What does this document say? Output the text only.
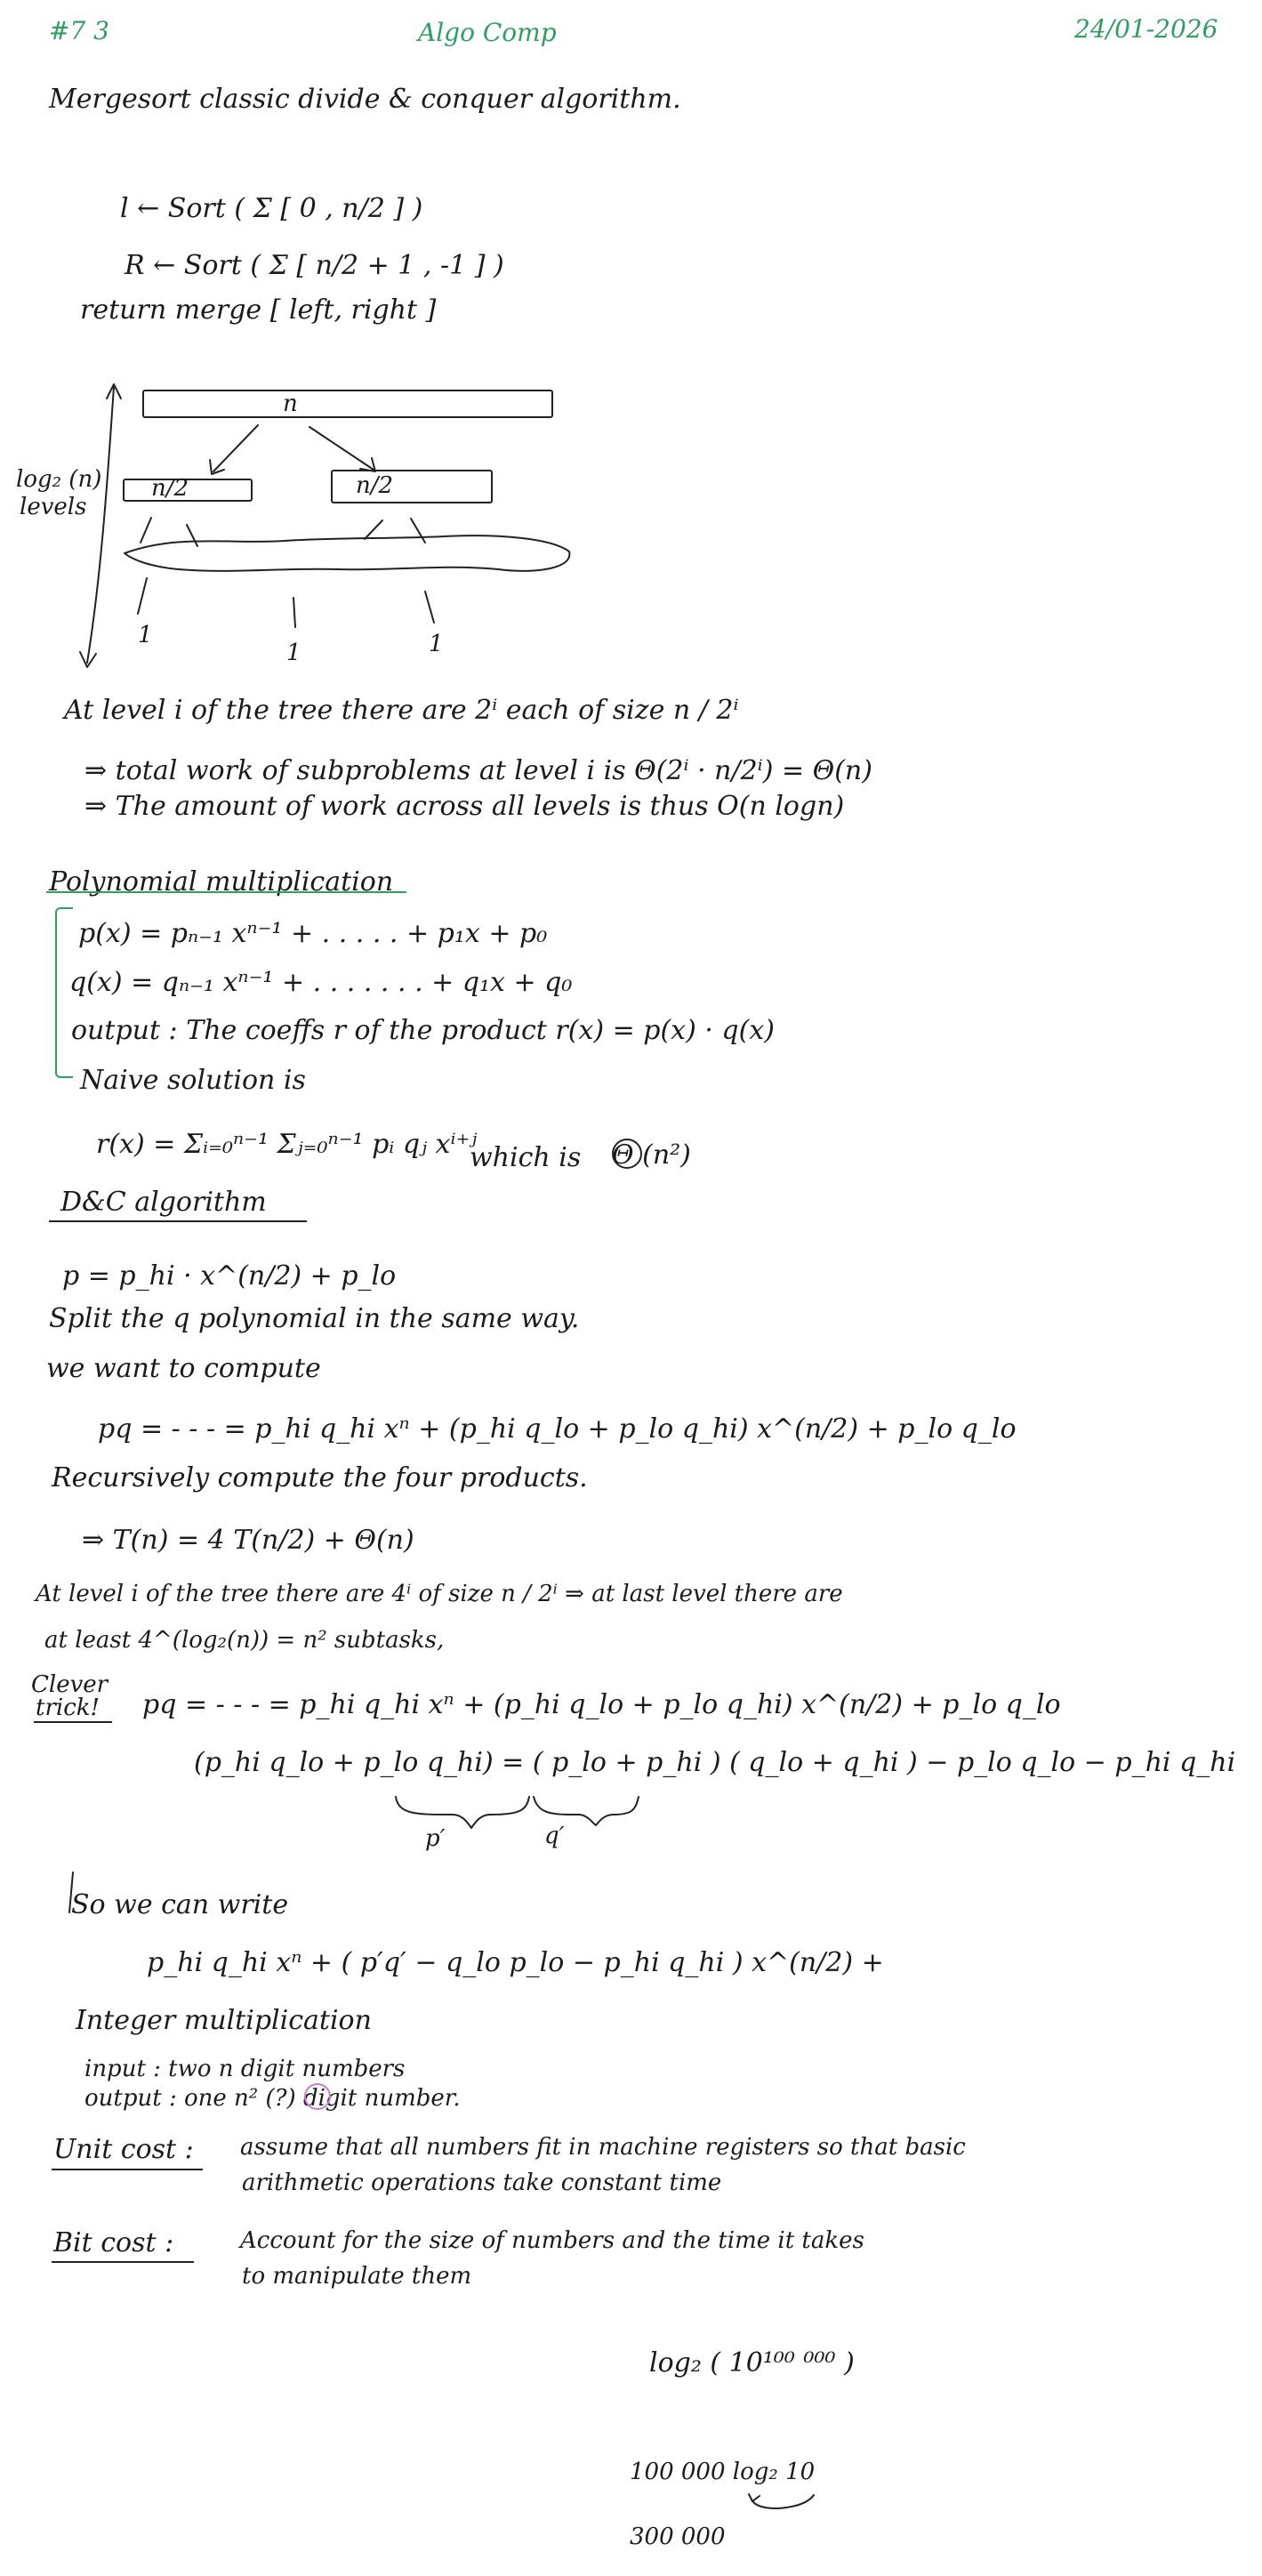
#7 3	Algo Comp	24/01-2026
Mergesort classic divide & conquer algorithm.
l ← Sort ( Σ [ 0 , n/2 ] )
R ← Sort ( Σ [ n/2 + 1 , -1 ] )
return merge [ left, right ]
log₂ (n)
levels
n
n/2	n/2
1
1	1
At level i of the tree there are 2ⁱ each of size n / 2ⁱ
⇒ total work of subproblems at level i is Θ(2ⁱ · n/2ⁱ) = Θ(n)
⇒ The amount of work across all levels is thus O(n logn)
Polynomial multiplication
p(x) = pₙ₋₁ xⁿ⁻¹ + . . . . . + p₁x + p₀
q(x) = qₙ₋₁ xⁿ⁻¹ + . . . . . . . + q₁x + q₀
output : The coeffs r of the product r(x) = p(x) · q(x)
Naive solution is
r(x) = Σᵢ₌₀ⁿ⁻¹ Σⱼ₌₀ⁿ⁻¹ pᵢ qⱼ xⁱ⁺ʲ
which is Θ (n²)
D&C algorithm
p = p_hi · x^(n/2) + p_lo
Split the q polynomial in the same way.
we want to compute
pq = - - - = p_hi q_hi xⁿ + (p_hi q_lo + p_lo q_hi) x^(n/2) + p_lo q_lo
Recursively compute the four products.
⇒ T(n) = 4 T(n/2) + Θ(n)
At level i of the tree there are 4ⁱ of size n / 2ⁱ ⇒ at last level there are
at least 4^(log₂(n)) = n² subtasks,
Clever
trick! pq = - - - = p_hi q_hi xⁿ + (p_hi q_lo + p_lo q_hi) x^(n/2) + p_lo q_lo
(p_hi q_lo + p_lo q_hi) = ( p_lo + p_hi ) ( q_lo + q_hi ) − p_lo q_lo − p_hi q_hi
p′	q′
So we can write
p_hi q_hi xⁿ + ( p′q′ − q_lo p_lo − p_hi q_hi ) x^(n/2) +
Integer multiplication
input : two n digit numbers
output : one n² (?) digit number.
Unit cost : assume that all numbers fit in machine registers so that basic
arithmetic operations take constant time
Bit cost :	Account for the size of numbers and the time it takes
to manipulate them
log₂ ( 10¹⁰⁰ ⁰⁰⁰ )
100 000 log₂ 10
300 000
